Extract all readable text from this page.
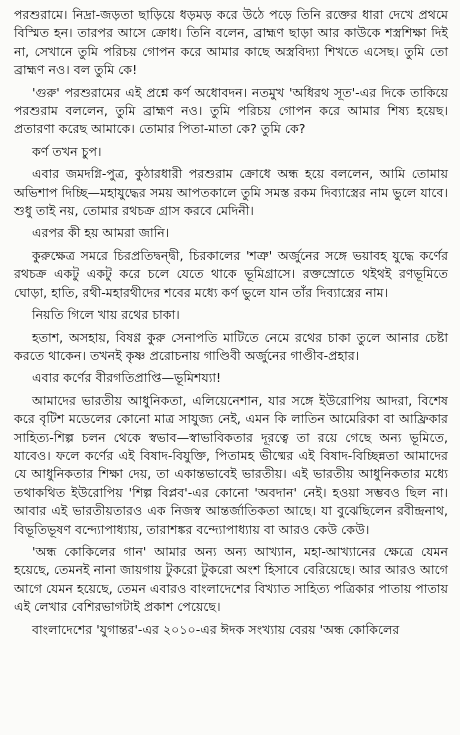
পরশুরামে। নিদ্রা-জড়তা ছাড়িয়ে ধড়মড় করে উঠে পড়ে তিনি রক্তের ধারা দেখে প্রথমে বিস্মিত হন। তারপর আসে ক্রোধ। তিনি বলেন, ব্রাহ্মণ ছাড়া আর কাউকে শস্ত্রশিক্ষা দিই না, সেখানে তুমি পরিচয় গোপন করে আমার কাছে অস্ত্রবিদ্যা শিখতে এসেছ। তুমি তো ব্রাহ্মণ নও। বল তুমি কে!

'গুরু' পরশুরামের এই প্রশ্নে কর্ণ অধোবদন। নতমুখ 'অধিরথ সূত'-এর দিকে তাকিয়ে পরশুরাম বললেন, তুমি ব্রাহ্মণ নও। তুমি পরিচয় গোপন করে আমার শিষ্য হয়েছ। প্রতারণা করেছ আমাকে। তোমার পিতা-মাতা কে? তুমি কে?

কর্ণ তখন চুপ।

এবার জমদগ্নি-পুত্র, কুঠারধারী পরশুরাম ক্রোধে অন্ধ হয়ে বললেন, আমি তোমায় অভিশাপ দিচ্ছি—মহাযুদ্ধের সময় আপতকালে তুমি সমস্ত রকম দিব্যাস্ত্রের নাম ভুলে যাবে। শুধু তাই নয়, তোমার রথচক্র গ্রাস করবে মেদিনী।

এরপর কী হয় আমরা জানি।

কুরুক্ষেত্র সমরে চিরপ্রতিদ্বন্দ্বী, চিরকালের 'শত্রু' অর্জুনের সঙ্গে ভয়াবহ যুদ্ধে কর্ণের রথচক্র একটু একটু করে চলে যেতে থাকে ভূমিগ্রাসে। রক্তস্রোতে থইথই রণভূমিতে ঘোড়া, হাতি, রথী-মহারথীদের শবের মধ্যে কর্ণ ভুলে যান তাঁর দিব্যাস্ত্রের নাম।

নিয়তি গিলে খায় রথের চাকা।

হতাশ, অসহায়, বিষণ্ণ কুরু সেনাপতি মাটিতে নেমে রথের চাকা তুলে আনার চেষ্টা করতে থাকেন। তখনই কৃষ্ণ প্ররোচনায় গাণ্ডিবী অর্জুনের গাণ্ডীব-প্রহার।

এবার কর্ণের বীরগতিপ্রাপ্তি—ভূমিশয্যা!

আমাদের ভারতীয় আধুনিকতা, এলিয়েনেশান, যার সঙ্গে ইউরোপিয় আদরা, বিশেষ করে বৃটিশ মডেলের কোনো মাত্র সাযুজ্য নেই, এমন কি লাতিন আমেরিকা বা আফ্রিকার সাহিত্য-শিল্প চলন থেকে স্বভাব—স্বাভাবিকতার দূরত্বে তা রয়ে গেছে অন্য ভূমিতে, যাবেও। ফলে কর্ণের এই বিষাদ-বিযুক্তি, পিতামহ ভীষ্মের এই বিষাদ-বিচ্ছিন্নতা আমাদের যে আধুনিকতার শিক্ষা দেয়, তা একান্তভাবেই ভারতীয়। এই ভারতীয় আধুনিকতার মধ্যে তথাকথিত ইউরোপিয় 'শিল্প বিপ্লব'-এর কোনো 'অবদান' নেই। হওয়া সম্ভবও ছিল না। আবার এই ভারতীয়তারও এক নিজস্ব আন্তর্জাতিকতা আছে। যা বুঝেছিলেন রবীন্দ্রনাথ, বিভূতিভূষণ বন্দ্যোপাধ্যায়, তারাশঙ্কর বন্দ্যোপাধ্যায় বা আরও কেউ কেউ।

'অন্ধ কোকিলের গান' আমার অন্য অন্য আখ্যান, মহা-আখ্যানের ক্ষেত্রে যেমন হয়েছে, তেমনই নানা জায়গায় টুকরো টুকরো অংশ হিসাবে বেরিয়েছে। আর আরও আগে আগে যেমন হয়েছে, তেমন এবারও বাংলাদেশের বিখ্যাত সাহিত্য পত্রিকার পাতায় পাতায় এই লেখার বেশিরভাগটাই প্রকাশ পেয়েছে।

বাংলাদেশের 'যুগান্তর'-এর ২০১০-এর ঈদক সংখ্যায় বেরয় 'অন্ধ কোকিলের
